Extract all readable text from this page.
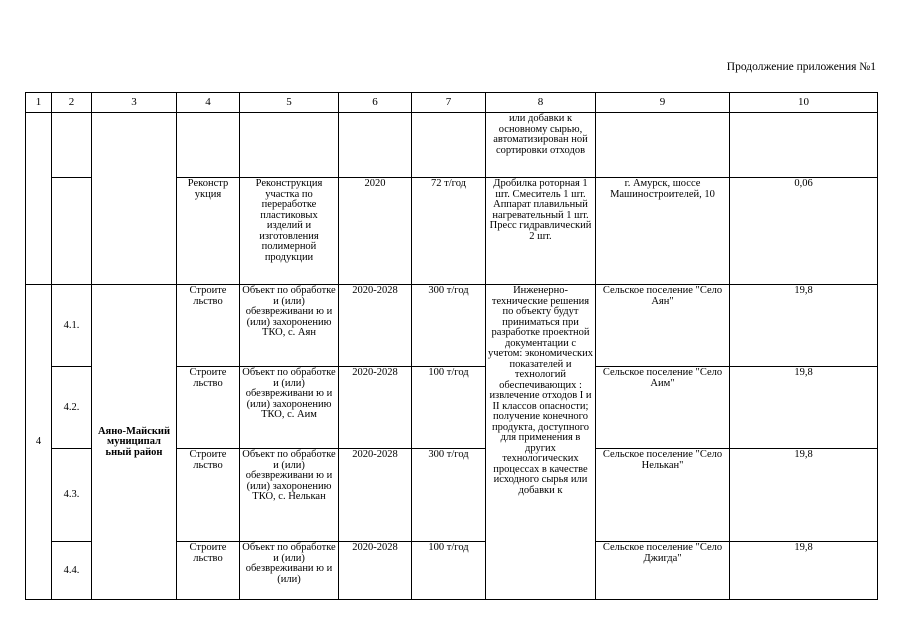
Продолжение приложения №1
1	2	3	4	5	6	7	8	9	10
							или добавки к основному сырью, автоматизирован ной сортировки отходов		
			Реконстр укция	Реконструкция участка по переработке пластиковых изделий и изготовления полимерной продукции	2020	72 т/год	Дробилка роторная 1 шт. Смеситель 1 шт. Аппарат плавильный нагревательный 1 шт. Пресс гидравлический 2 шт.	г. Амурск, шоссе Машиностроителей, 10	0,06
4	4.1.	Аяно-Майский муниципал ьный район	Строите льство	Объект по обработке и (или) обезвреживани ю и (или) захоронению ТКО, с. Аян	2020-2028	300 т/год	Инженерно-технические решения по объекту будут приниматься при разработке проектной документации с учетом: экономических показателей и технологий обеспечивающих : извлечение отходов I и II классов опасности; получение конечного продукта, доступного для применения в других технологических процессах в качестве исходного сырья или добавки к	Сельское поселение "Село Аян"	19,8
	4.2.		Строите льство	Объект по обработке и (или) обезвреживани ю и (или) захоронению ТКО, с. Аим	2020-2028	100 т/год		Сельское поселение "Село Аим"	19,8
	4.3.		Строите льство	Объект по обработке и (или) обезвреживани ю и (или) захоронению ТКО, с. Нелькан	2020-2028	300 т/год		Сельское поселение "Село Нелькан"	19,8
	4.4.		Строите льство	Объект по обработке и (или) обезвреживани ю и (или)	2020-2028	100 т/год		Сельское поселение "Село Джигда"	19,8
